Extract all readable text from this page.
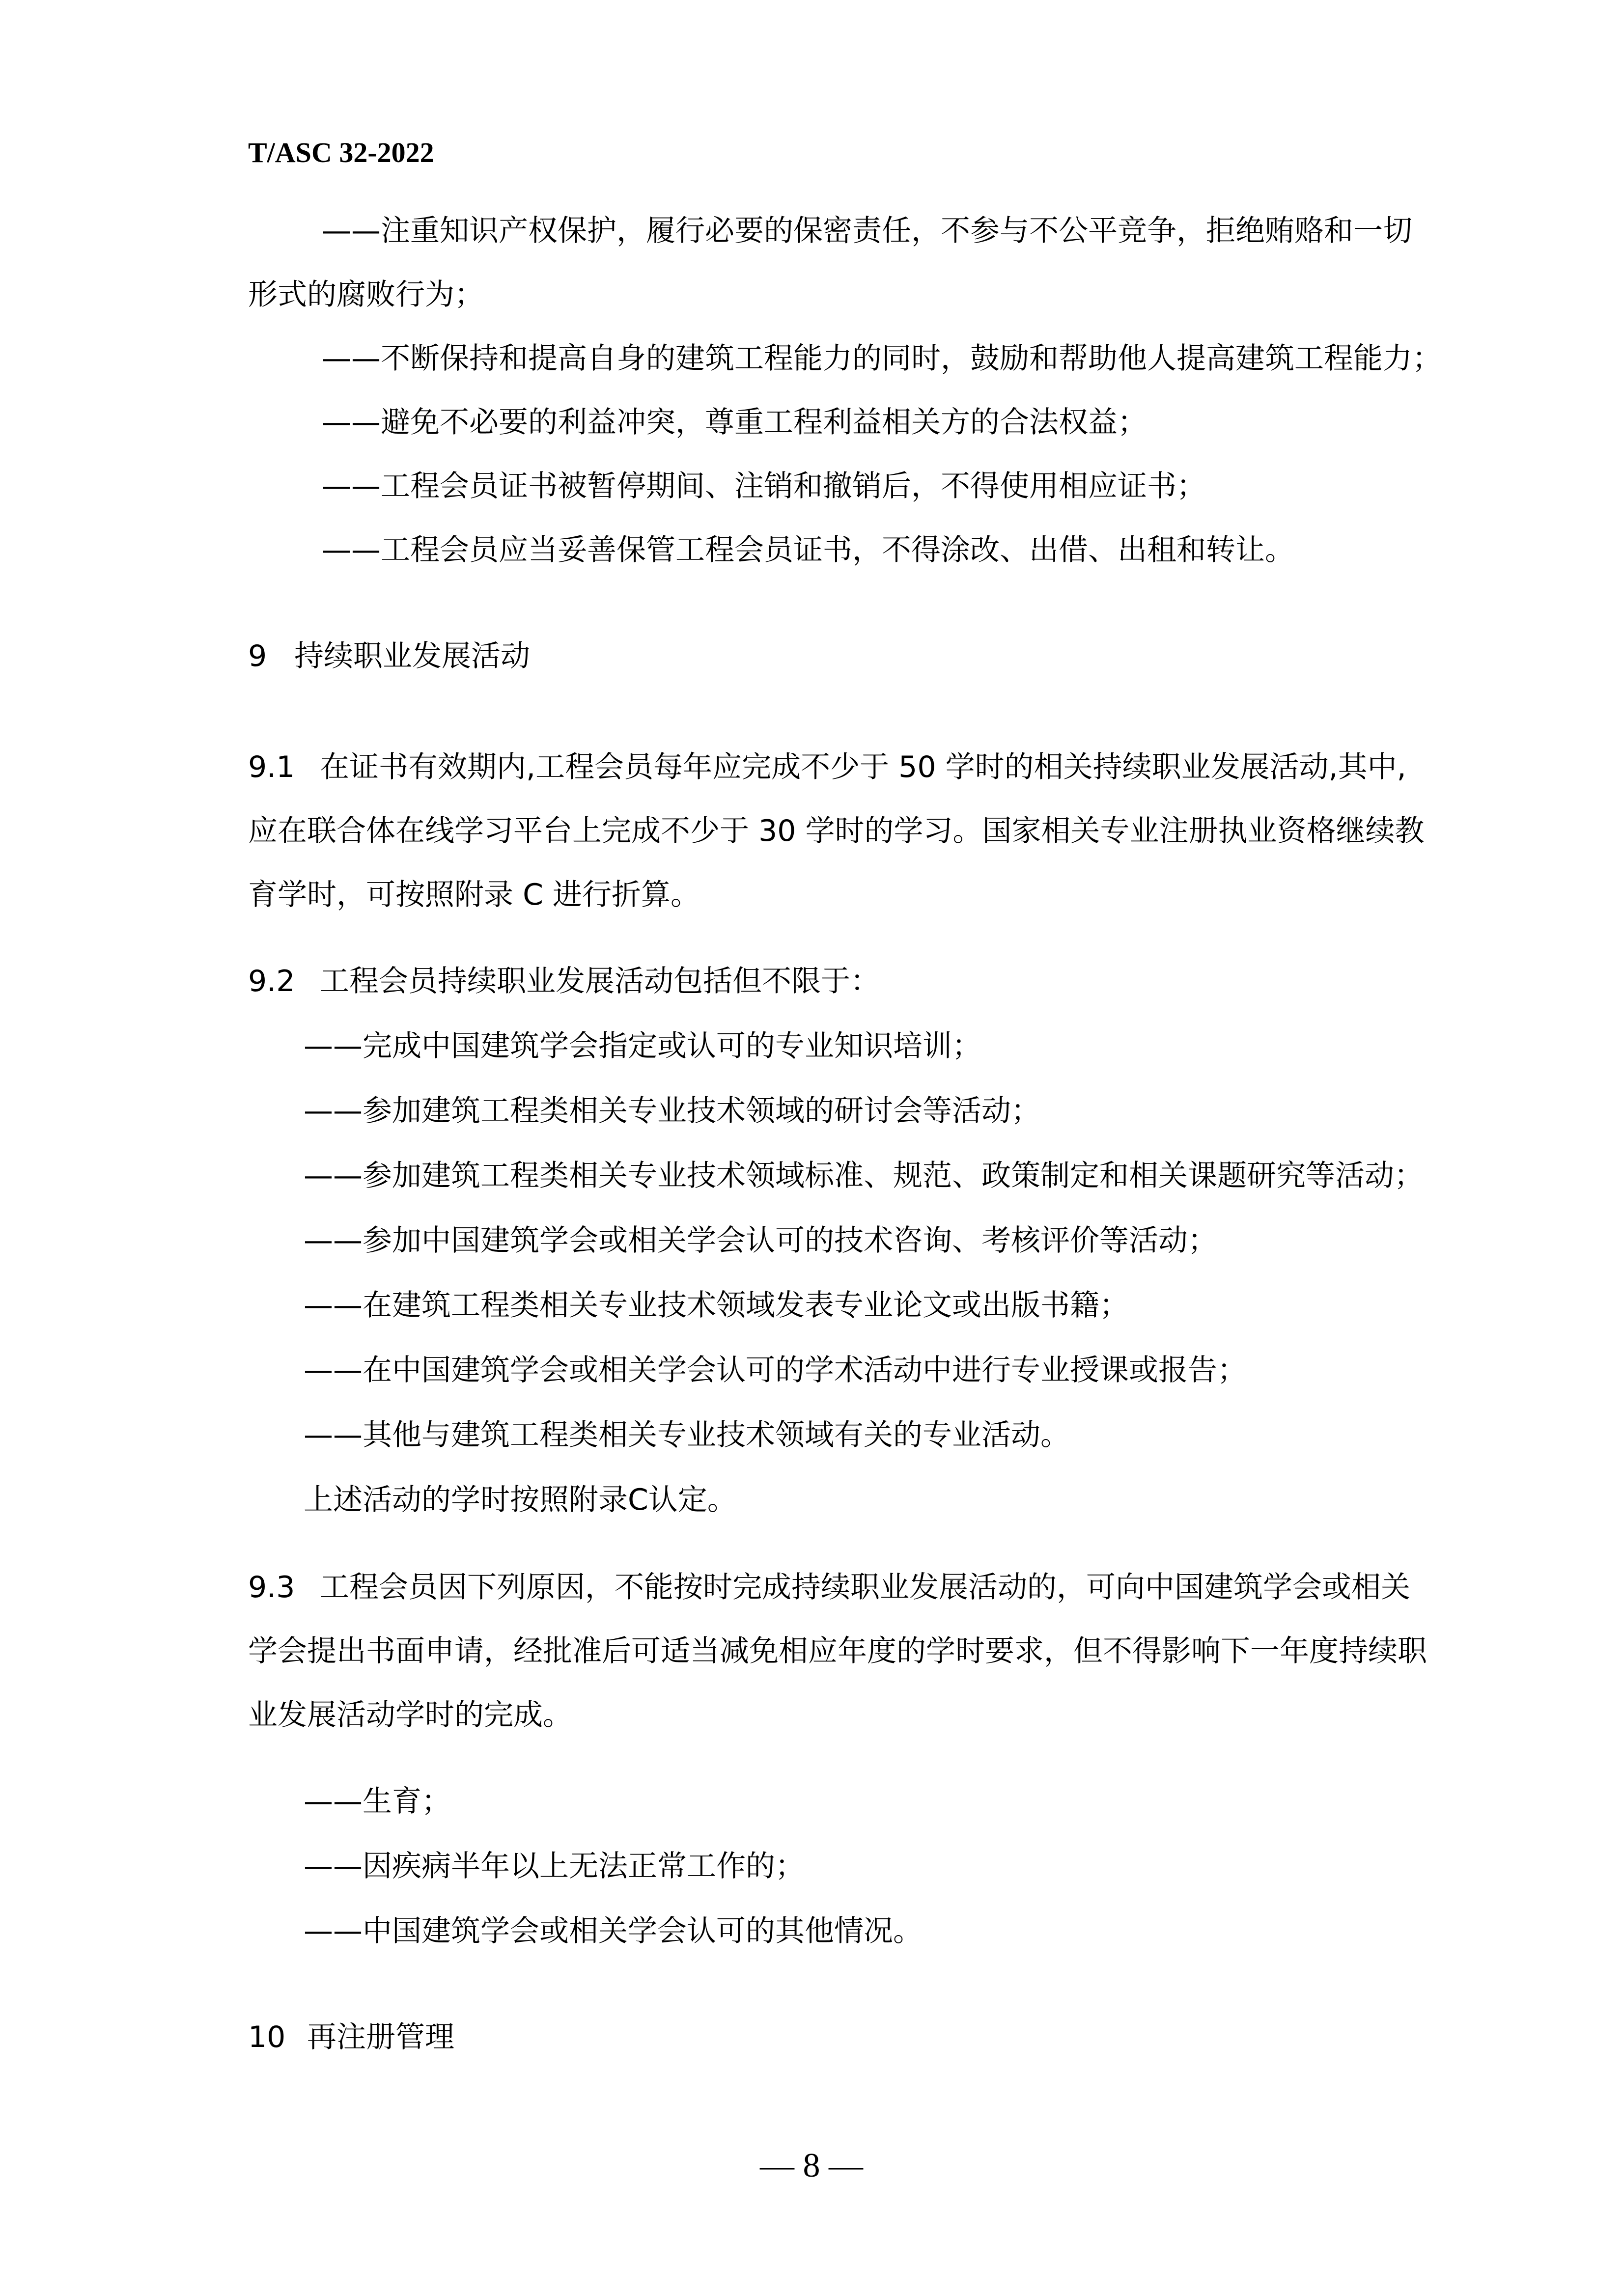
T/ASC 32-2022

——注重知识产权保护，履行必要的保密责任，不参与不公平竞争，拒绝贿赂和一切

形式的腐败行为；

——不断保持和提高自身的建筑工程能力的同时，鼓励和帮助他人提高建筑工程能力；

——避免不必要的利益冲突，尊重工程利益相关方的合法权益；

——工程会员证书被暂停期间、注销和撤销后，不得使用相应证书；

——工程会员应当妥善保管工程会员证书，不得涂改、出借、出租和转让。

9 持续职业发展活动

9.1 在证书有效期内,工程会员每年应完成不少于 50 学时的相关持续职业发展活动,其中,

应在联合体在线学习平台上完成不少于 30 学时的学习。国家相关专业注册执业资格继续教

育学时，可按照附录 C 进行折算。

9.2 工程会员持续职业发展活动包括但不限于：

——完成中国建筑学会指定或认可的专业知识培训；

——参加建筑工程类相关专业技术领域的研讨会等活动；

——参加建筑工程类相关专业技术领域标准、规范、政策制定和相关课题研究等活动；

——参加中国建筑学会或相关学会认可的技术咨询、考核评价等活动；

——在建筑工程类相关专业技术领域发表专业论文或出版书籍；

——在中国建筑学会或相关学会认可的学术活动中进行专业授课或报告；

——其他与建筑工程类相关专业技术领域有关的专业活动。

上述活动的学时按照附录C认定。

9.3 工程会员因下列原因，不能按时完成持续职业发展活动的，可向中国建筑学会或相关

学会提出书面申请，经批准后可适当减免相应年度的学时要求，但不得影响下一年度持续职

业发展活动学时的完成。

——生育；

——因疾病半年以上无法正常工作的；

——中国建筑学会或相关学会认可的其他情况。

10 再注册管理

— 8 —
